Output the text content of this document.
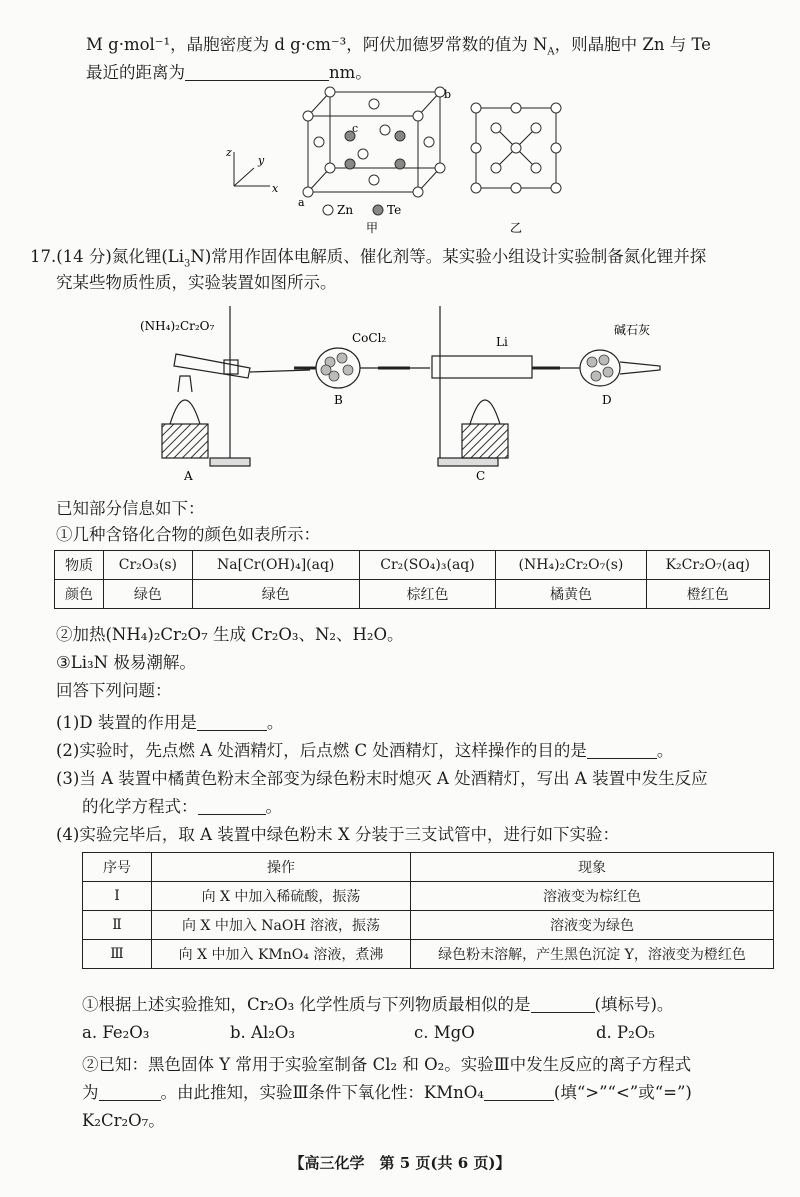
M g·mol⁻¹，晶胞密度为 d g·cm⁻³，阿伏加德罗常数的值为 $N_A$，则晶胞中 Zn 与 Te
最近的距离为	nm。
z
y
x
a
b
c
Zn	Te
甲	乙
17.(14 分)氮化锂$(Li_3N)$常用作固体电解质、催化剂等。某实验小组设计实验制备氮化锂并探
究某些物质性质，实验装置如图所示。
(NH₄)₂Cr₂O₇
CoCl₂	Li
碱石灰
A
B
C
D
已知部分信息如下：
①几种含铬化合物的颜色如表所示：
物质	Cr₂O₃(s)	Na[Cr(OH)₄](aq)	Cr₂(SO₄)₃(aq)	(NH₄)₂Cr₂O₇(s)	K₂Cr₂O₇(aq)
颜色	绿色	绿色	棕红色	橘黄色	橙红色
②加热(NH₄)₂Cr₂O₇ 生成 Cr₂O₃、N₂、H₂O。
③Li₃N 极易潮解。
回答下列问题：
(1)D 装置的作用是	。
(2)实验时，先点燃 A 处酒精灯，后点燃 C 处酒精灯，这样操作的目的是	。
(3)当 A 装置中橘黄色粉末全部变为绿色粉末时熄灭 A 处酒精灯，写出 A 装置中发生反应
的化学方程式：	。
(4)实验完毕后，取 A 装置中绿色粉末 X 分装于三支试管中，进行如下实验：
序号	操作	现象
Ⅰ	向 X 中加入稀硫酸，振荡	溶液变为棕红色
Ⅱ	向 X 中加入 NaOH 溶液，振荡	溶液变为绿色
Ⅲ	向 X 中加入 KMnO₄ 溶液，煮沸	绿色粉末溶解，产生黑色沉淀 Y，溶液变为橙红色
①根据上述实验推知，Cr₂O₃ 化学性质与下列物质最相似的是	(填标号)。
a. Fe₂O₃	b. Al₂O₃	c. MgO	d. P₂O₅
②已知：黑色固体 Y 常用于实验室制备 Cl₂ 和 O₂。实验Ⅲ中发生反应的离子方程式
为	。由此推知，实验Ⅲ条件下氧化性：KMnO₄	(填“>”“<”或“=”)
K₂Cr₂O₇。
【高三化学　第 5 页(共 6 页)】
